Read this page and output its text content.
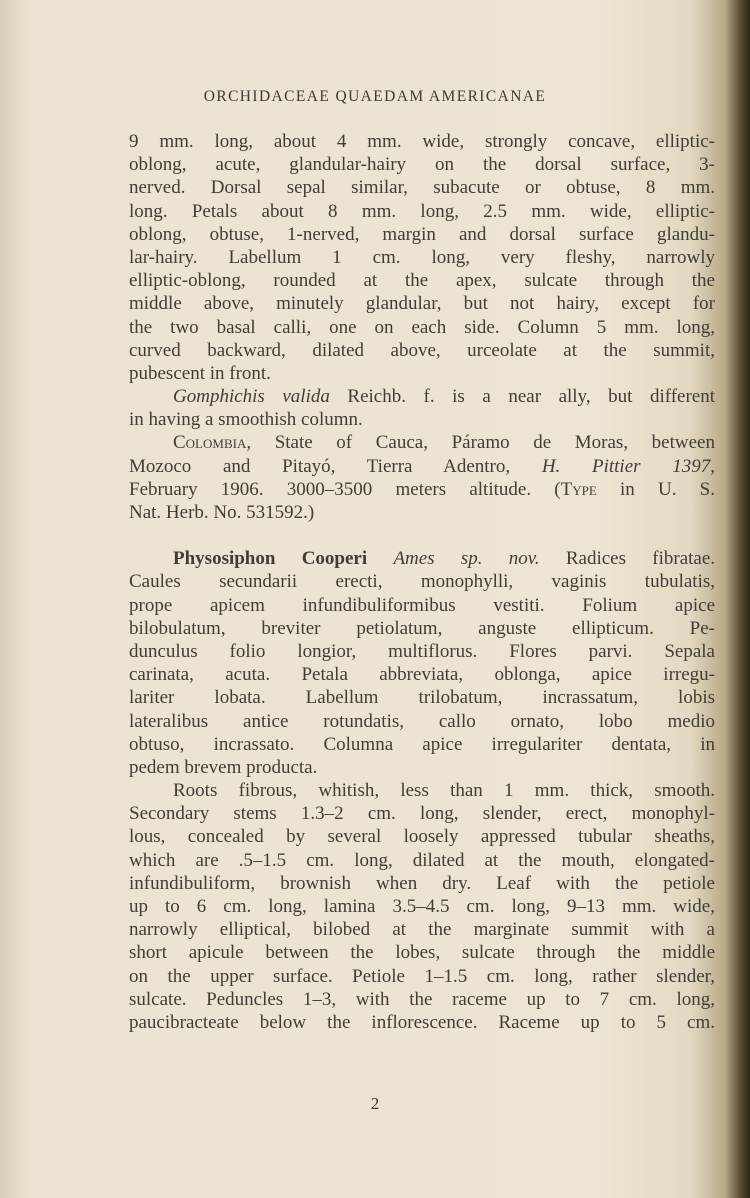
ORCHIDACEAE QUAEDAM AMERICANAE
9 mm. long, about 4 mm. wide, strongly concave, elliptic-
oblong, acute, glandular-hairy on the dorsal surface, 3-
nerved. Dorsal sepal similar, subacute or obtuse, 8 mm.
long. Petals about 8 mm. long, 2.5 mm. wide, elliptic-
oblong, obtuse, 1-nerved, margin and dorsal surface glandu-
lar-hairy. Labellum 1 cm. long, very fleshy, narrowly
elliptic-oblong, rounded at the apex, sulcate through the
middle above, minutely glandular, but not hairy, except for
the two basal calli, one on each side. Column 5 mm. long,
curved backward, dilated above, urceolate at the summit,
pubescent in front.
Gomphichis valida Reichb. f. is a near ally, but different
in having a smoothish column.
Colombia, State of Cauca, Páramo de Moras, between
Mozoco and Pitayó, Tierra Adentro, H. Pittier 1397,
February 1906. 3000–3500 meters altitude. (Type in U. S.
Nat. Herb. No. 531592.)
Physosiphon Cooperi Ames sp. nov. Radices fibratae.
Caules secundarii erecti, monophylli, vaginis tubulatis,
prope apicem infundibuliformibus vestiti. Folium apice
bilobulatum, breviter petiolatum, anguste ellipticum. Pe-
dunculus folio longior, multiflorus. Flores parvi. Sepala
carinata, acuta. Petala abbreviata, oblonga, apice irregu-
lariter lobata. Labellum trilobatum, incrassatum, lobis
lateralibus antice rotundatis, callo ornato, lobo medio
obtuso, incrassato. Columna apice irregulariter dentata, in
pedem brevem producta.
Roots fibrous, whitish, less than 1 mm. thick, smooth.
Secondary stems 1.3–2 cm. long, slender, erect, monophyl-
lous, concealed by several loosely appressed tubular sheaths,
which are .5–1.5 cm. long, dilated at the mouth, elongated-
infundibuliform, brownish when dry. Leaf with the petiole
up to 6 cm. long, lamina 3.5–4.5 cm. long, 9–13 mm. wide,
narrowly elliptical, bilobed at the marginate summit with a
short apicule between the lobes, sulcate through the middle
on the upper surface. Petiole 1–1.5 cm. long, rather slender,
sulcate. Peduncles 1–3, with the raceme up to 7 cm. long,
paucibracteate below the inflorescence. Raceme up to 5 cm.
2
